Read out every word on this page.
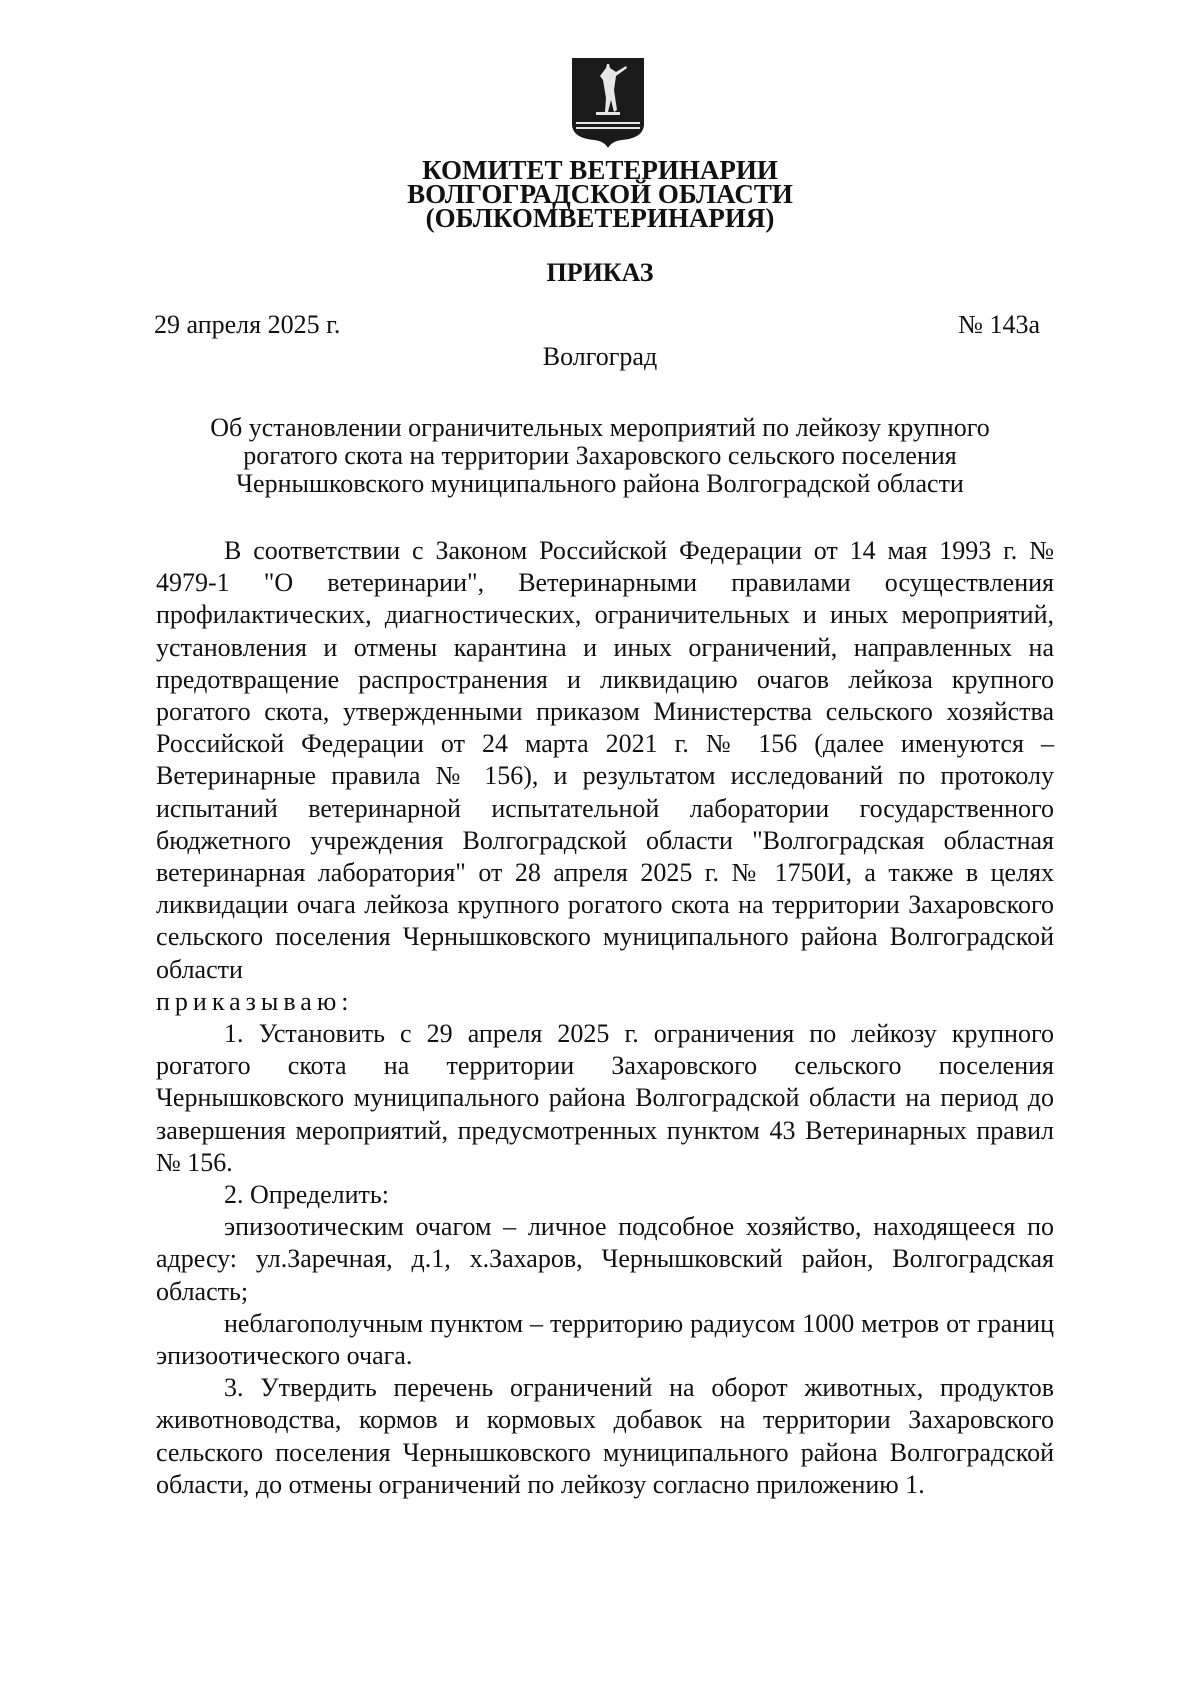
КОМИТЕТ ВЕТЕРИНАРИИ
ВОЛГОГРАДСКОЙ ОБЛАСТИ
(ОБЛКОМВЕТЕРИНАРИЯ)
ПРИКАЗ
29 апреля 2025 г.	№ 143а
Волгоград
Об установлении ограничительных мероприятий по лейкозу крупного рогатого скота на территории Захаровского сельского поселения Чернышковского муниципального района Волгоградской области

В соответствии с Законом Российской Федерации от 14 мая 1993 г. № 4979-1 "О ветеринарии", Ветеринарными правилами осуществления профилактических, диагностических, ограничительных и иных мероприятий, установления и отмены карантина и иных ограничений, направленных на предотвращение распространения и ликвидацию очагов лейкоза крупного рогатого скота, утвержденными приказом Министерства сельского хозяйства Российской Федерации от 24 марта 2021 г. № 156 (далее именуются – Ветеринарные правила № 156), и результатом исследований по протоколу испытаний ветеринарной испытательной лаборатории государственного бюджетного учреждения Волгоградской области "Волгоградская областная ветеринарная лаборатория" от 28 апреля 2025 г. № 1750И, а также в целях ликвидации очага лейкоза крупного рогатого скота на территории Захаровского сельского поселения Чернышковского муниципального района Волгоградской области

приказываю:

1. Установить с 29 апреля 2025 г. ограничения по лейкозу крупного рогатого скота на территории Захаровского сельского поселения Чернышковского муниципального района Волгоградской области на период до завершения мероприятий, предусмотренных пунктом 43 Ветеринарных правил № 156.

2. Определить:

эпизоотическим очагом – личное подсобное хозяйство, находящееся по адресу: ул.Заречная, д.1, х.Захаров, Чернышковский район, Волгоградская область;

неблагополучным пунктом – территорию радиусом 1000 метров от границ эпизоотического очага.

3. Утвердить перечень ограничений на оборот животных, продуктов животноводства, кормов и кормовых добавок на территории Захаровского сельского поселения Чернышковского муниципального района Волгоградской области, до отмены ограничений по лейкозу согласно приложению 1.
